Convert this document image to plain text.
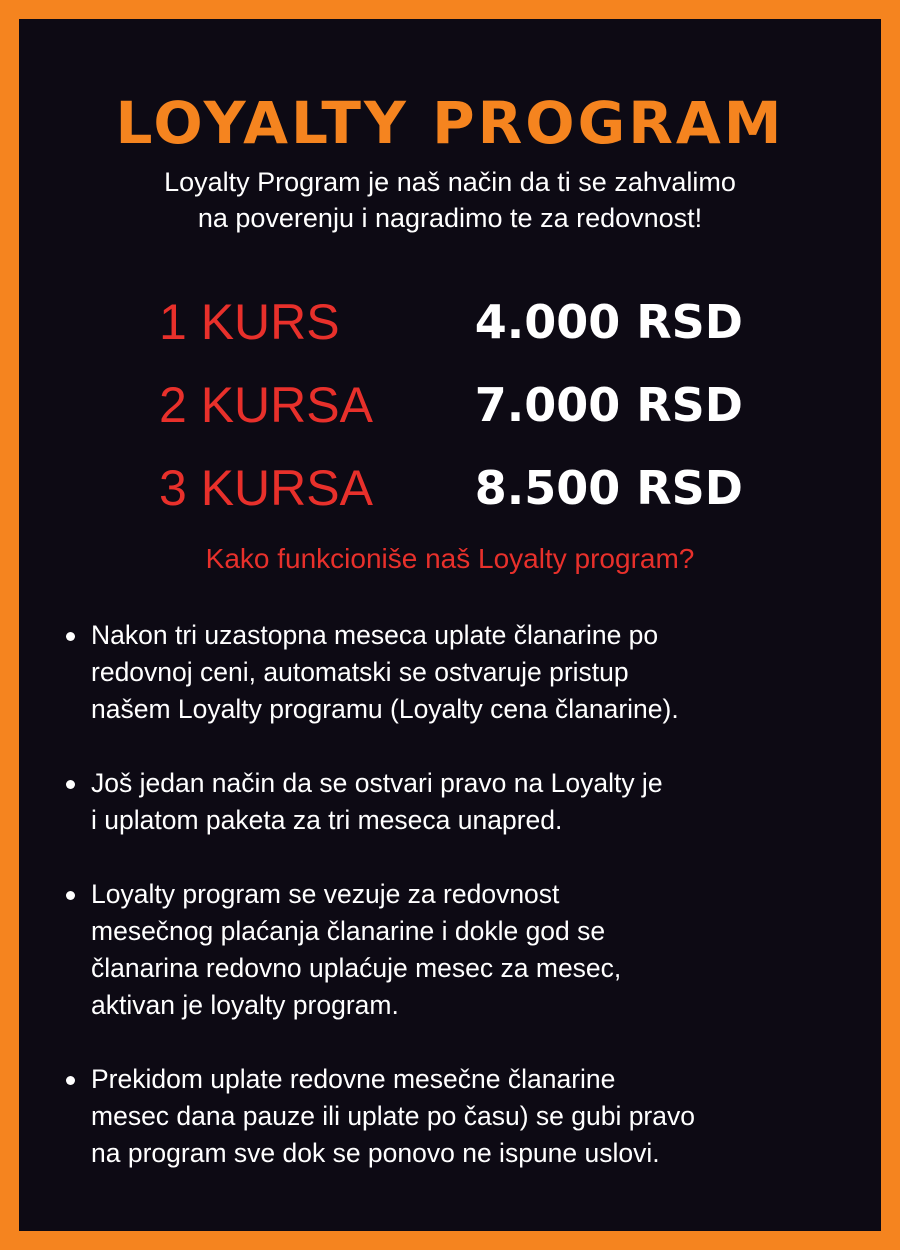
LOYALTY PROGRAM
Loyalty Program je naš način da ti se zahvalimo
na poverenju i nagradimo te za redovnost!
1 KURS	4.000 RSD
2 KURSA 7.000 RSD
3 KURSA 8.500 RSD
Kako funkcioniše naš Loyalty program?
Nakon tri uzastopna meseca uplate članarine po
redovnoj ceni, automatski se ostvaruje pristup
našem Loyalty programu (Loyalty cena članarine).
Još jedan način da se ostvari pravo na Loyalty je
i uplatom paketa za tri meseca unapred.
Loyalty program se vezuje za redovnost
mesečnog plaćanja članarine i dokle god se
članarina redovno uplaćuje mesec za mesec,
aktivan je loyalty program.
Prekidom uplate redovne mesečne članarine
mesec dana pauze ili uplate po času) se gubi pravo
na program sve dok se ponovo ne ispune uslovi.
